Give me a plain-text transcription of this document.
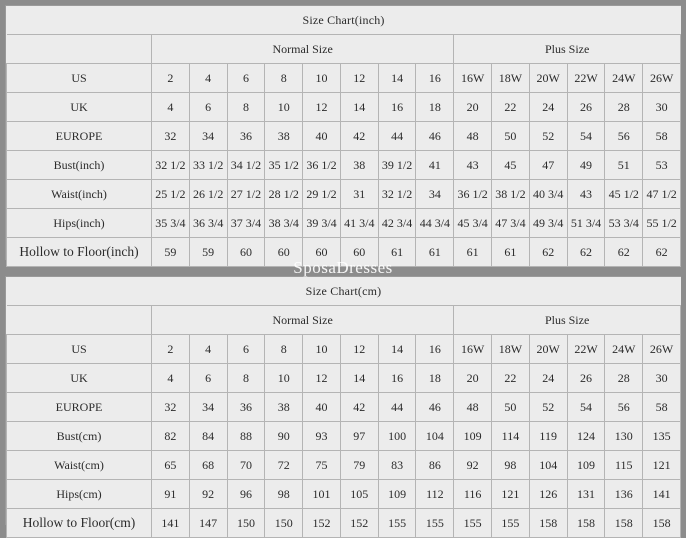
Size Chart(inch)														
	Normal Size								Plus Size					
US	2	4	6	8	10	12	14	16	16W	18W	20W	22W	24W	26W
UK	4	6	8	10	12	14	16	18	20	22	24	26	28	30
EUROPE	32	34	36	38	40	42	44	46	48	50	52	54	56	58
Bust(inch)	32 1/2	33 1/2	34 1/2	35 1/2	36 1/2	38	39 1/2	41	43	45	47	49	51	53
Waist(inch)	25 1/2	26 1/2	27 1/2	28 1/2	29 1/2	31	32 1/2	34	36 1/2	38 1/2	40 3/4	43	45 1/2	47 1/2
Hips(inch)	35 3/4	36 3/4	37 3/4	38 3/4	39 3/4	41 3/4	42 3/4	44 3/4	45 3/4	47 3/4	49 3/4	51 3/4	53 3/4	55 1/2
Hollow to Floor(inch)	59	59	60	60	60	60	61	61	61	61	62	62	62	62
Size Chart(cm)														
	Normal Size								Plus Size					
US	2	4	6	8	10	12	14	16	16W	18W	20W	22W	24W	26W
UK	4	6	8	10	12	14	16	18	20	22	24	26	28	30
EUROPE	32	34	36	38	40	42	44	46	48	50	52	54	56	58
Bust(cm)	82	84	88	90	93	97	100	104	109	114	119	124	130	135
Waist(cm)	65	68	70	72	75	79	83	86	92	98	104	109	115	121
Hips(cm)	91	92	96	98	101	105	109	112	116	121	126	131	136	141
Hollow to Floor(cm)	141	147	150	150	152	152	155	155	155	155	158	158	158	158
SposaDresses
